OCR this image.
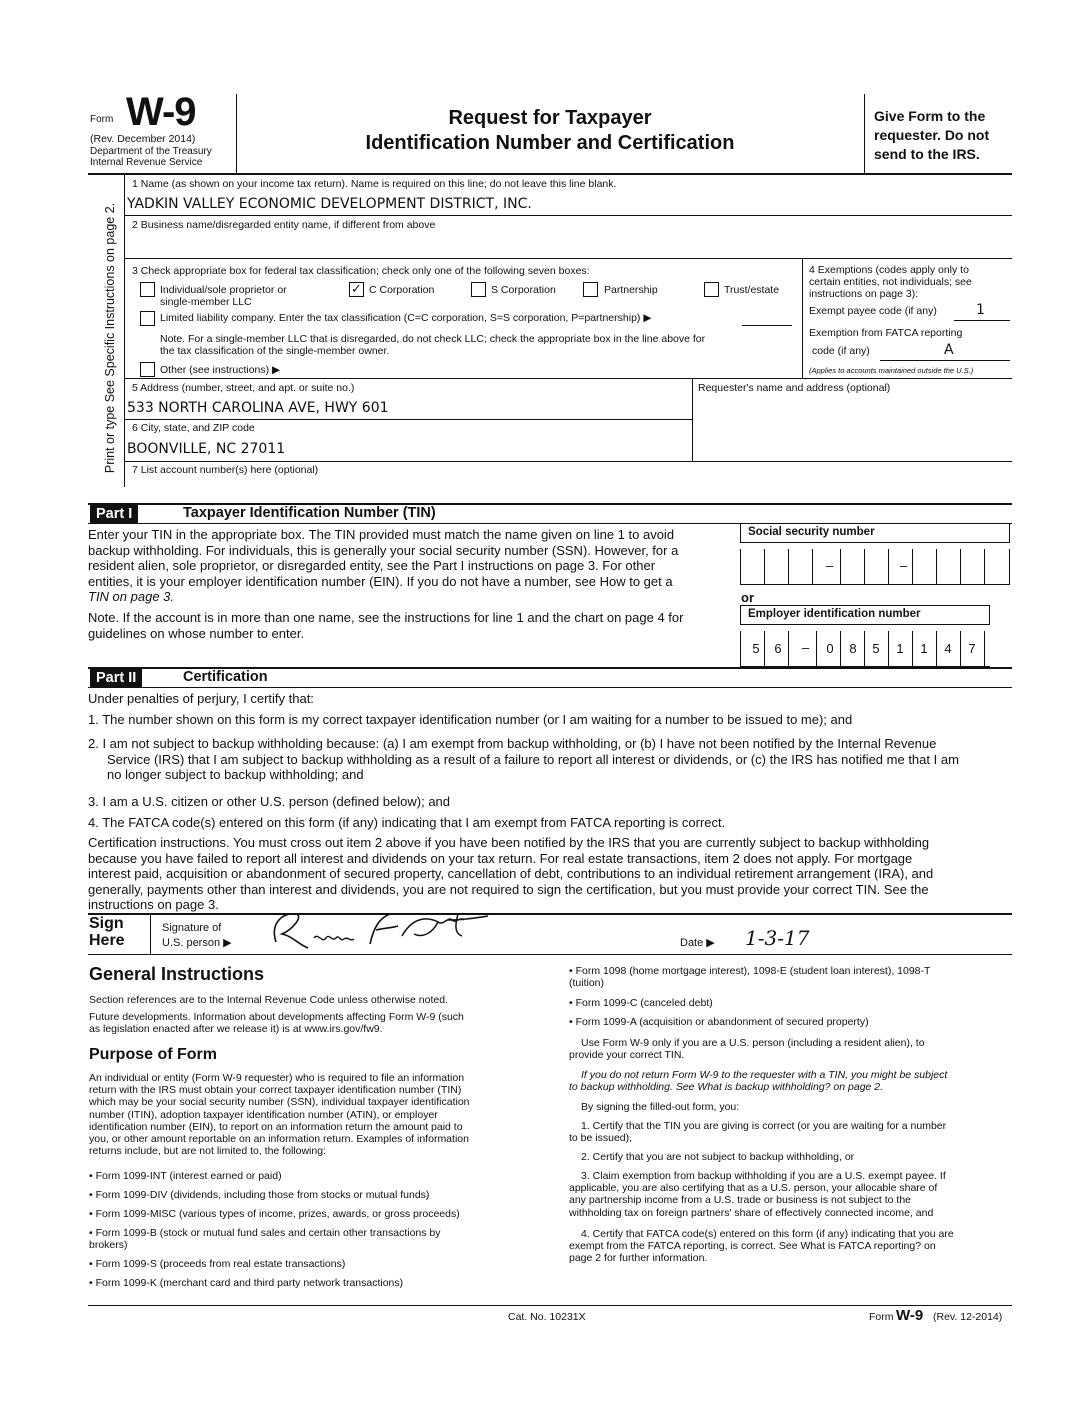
Form W-9
(Rev. December 2014)
Department of the Treasury
Internal Revenue Service
Request for Taxpayer
Identification Number and Certification
Give Form to the
requester. Do not
send to the IRS.
Print or type See Specific Instructions on page 2.
1 Name (as shown on your income tax return). Name is required on this line; do not leave this line blank.
YADKIN VALLEY ECONOMIC DEVELOPMENT DISTRICT, INC.
2 Business name/disregarded entity name, if different from above
3 Check appropriate box for federal tax classification; check only one of the following seven boxes:
Individual/sole proprietor or
single-member LLC
✓ C Corporation	S Corporation	Partnership	Trust/estate
Limited liability company. Enter the tax classification (C=C corporation, S=S corporation, P=partnership) ▶
Note. For a single-member LLC that is disregarded, do not check LLC; check the appropriate box in the line above for
the tax classification of the single-member owner.
Other (see instructions) ▶
4 Exemptions (codes apply only to
certain entities, not individuals; see
instructions on page 3):
Exempt payee code (if any)	1
Exemption from FATCA reporting
code (if any)	A
(Applies to accounts maintained outside the U.S.)
5 Address (number, street, and apt. or suite no.)	Requester's name and address (optional)
533 NORTH CAROLINA AVE, HWY 601
6 City, state, and ZIP code
BOONVILLE, NC 27011
7 List account number(s) here (optional)
Part I	Taxpayer Identification Number (TIN)
Enter your TIN in the appropriate box. The TIN provided must match the name given on line 1 to avoid
backup withholding. For individuals, this is generally your social security number (SSN). However, for a
resident alien, sole proprietor, or disregarded entity, see the Part I instructions on page 3. For other
entities, it is your employer identification number (EIN). If you do not have a number, see How to get a
TIN on page 3.
Note. If the account is in more than one name, see the instructions for line 1 and the chart on page 4 for
guidelines on whose number to enter.
Social security number
–	–
or
Employer identification number
5	6	–	0	8	5	1	1	4	7
Part II	Certification
Under penalties of perjury, I certify that:
1. The number shown on this form is my correct taxpayer identification number (or I am waiting for a number to be issued to me); and
2. I am not subject to backup withholding because: (a) I am exempt from backup withholding, or (b) I have not been notified by the Internal Revenue
Service (IRS) that I am subject to backup withholding as a result of a failure to report all interest or dividends, or (c) the IRS has notified me that I am
no longer subject to backup withholding; and
3. I am a U.S. citizen or other U.S. person (defined below); and
4. The FATCA code(s) entered on this form (if any) indicating that I am exempt from FATCA reporting is correct.
Certification instructions. You must cross out item 2 above if you have been notified by the IRS that you are currently subject to backup withholding
because you have failed to report all interest and dividends on your tax return. For real estate transactions, item 2 does not apply. For mortgage
interest paid, acquisition or abandonment of secured property, cancellation of debt, contributions to an individual retirement arrangement (IRA), and
generally, payments other than interest and dividends, you are not required to sign the certification, but you must provide your correct TIN. See the
instructions on page 3.
Sign
Here
Signature of
U.S. person ▶	Date ▶ 1-3-17
General Instructions
Section references are to the Internal Revenue Code unless otherwise noted.
Future developments. Information about developments affecting Form W-9 (such
as legislation enacted after we release it) is at www.irs.gov/fw9.
Purpose of Form
An individual or entity (Form W-9 requester) who is required to file an information
return with the IRS must obtain your correct taxpayer identification number (TIN)
which may be your social security number (SSN), individual taxpayer identification
number (ITIN), adoption taxpayer identification number (ATIN), or employer
identification number (EIN), to report on an information return the amount paid to
you, or other amount reportable on an information return. Examples of information
returns include, but are not limited to, the following:
• Form 1099-INT (interest earned or paid)
• Form 1099-DIV (dividends, including those from stocks or mutual funds)
• Form 1099-MISC (various types of income, prizes, awards, or gross proceeds)
• Form 1099-B (stock or mutual fund sales and certain other transactions by
brokers)
• Form 1099-S (proceeds from real estate transactions)
• Form 1099-K (merchant card and third party network transactions)
• Form 1098 (home mortgage interest), 1098-E (student loan interest), 1098-T
(tuition)
• Form 1099-C (canceled debt)
• Form 1099-A (acquisition or abandonment of secured property)
Use Form W-9 only if you are a U.S. person (including a resident alien), to
provide your correct TIN.
If you do not return Form W-9 to the requester with a TIN, you might be subject
to backup withholding. See What is backup withholding? on page 2.
By signing the filled-out form, you:
1. Certify that the TIN you are giving is correct (or you are waiting for a number
to be issued),
2. Certify that you are not subject to backup withholding, or
3. Claim exemption from backup withholding if you are a U.S. exempt payee. If
applicable, you are also certifying that as a U.S. person, your allocable share of
any partnership income from a U.S. trade or business is not subject to the
withholding tax on foreign partners' share of effectively connected income, and
4. Certify that FATCA code(s) entered on this form (if any) indicating that you are
exempt from the FATCA reporting, is correct. See What is FATCA reporting? on
page 2 for further information.
Cat. No. 10231X	Form W-9 (Rev. 12-2014)
